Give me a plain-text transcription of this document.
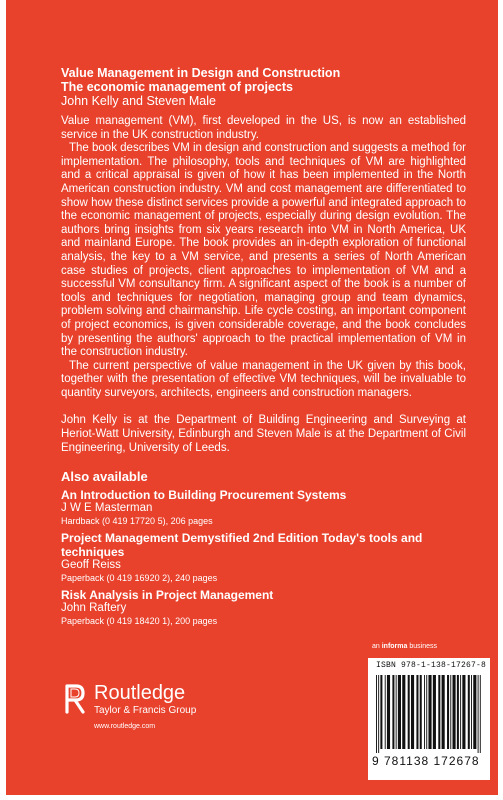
Value Management in Design and Construction

The economic management of projects

John Kelly and Steven Male

Value management (VM), first developed in the US, is now an established service in the UK construction industry.

The book describes VM in design and construction and suggests a method for implementation. The philosophy, tools and techniques of VM are highlighted and a critical appraisal is given of how it has been implemented in the North American construction industry. VM and cost management are differentiated to show how these distinct services provide a powerful and integrated approach to the economic management of projects, especially during design evolution. The authors bring insights from six years research into VM in North America, UK and mainland Europe. The book provides an in-depth exploration of functional analysis, the key to a VM service, and presents a series of North American case studies of projects, client approaches to implementation of VM and a successful VM consultancy firm. A significant aspect of the book is a number of tools and techniques for negotiation, managing group and team dynamics, problem solving and chairmanship. Life cycle costing, an important component of project economics, is given considerable coverage, and the book concludes by presenting the authors' approach to the practical implementation of VM in the construction industry.

The current perspective of value management in the UK given by this book, together with the presentation of effective VM techniques, will be invaluable to quantity surveyors, architects, engineers and construction managers.

John Kelly is at the Department of Building Engineering and Surveying at Heriot-Watt University, Edinburgh and Steven Male is at the Department of Civil Engineering, University of Leeds.

Also available
An Introduction to Building Procurement Systems
J W E Masterman
Hardback (0 419 17720 5), 206 pages
Project Management Demystified 2nd Edition Today's tools and techniques
Geoff Reiss
Paperback (0 419 16920 2), 240 pages
Risk Analysis in Project Management
John Raftery
Paperback (0 419 18420 1), 200 pages
an informa business
ISBN 978-1-138-17267-8
9 781138 172678
Routledge
Taylor & Francis Group
www.routledge.com
